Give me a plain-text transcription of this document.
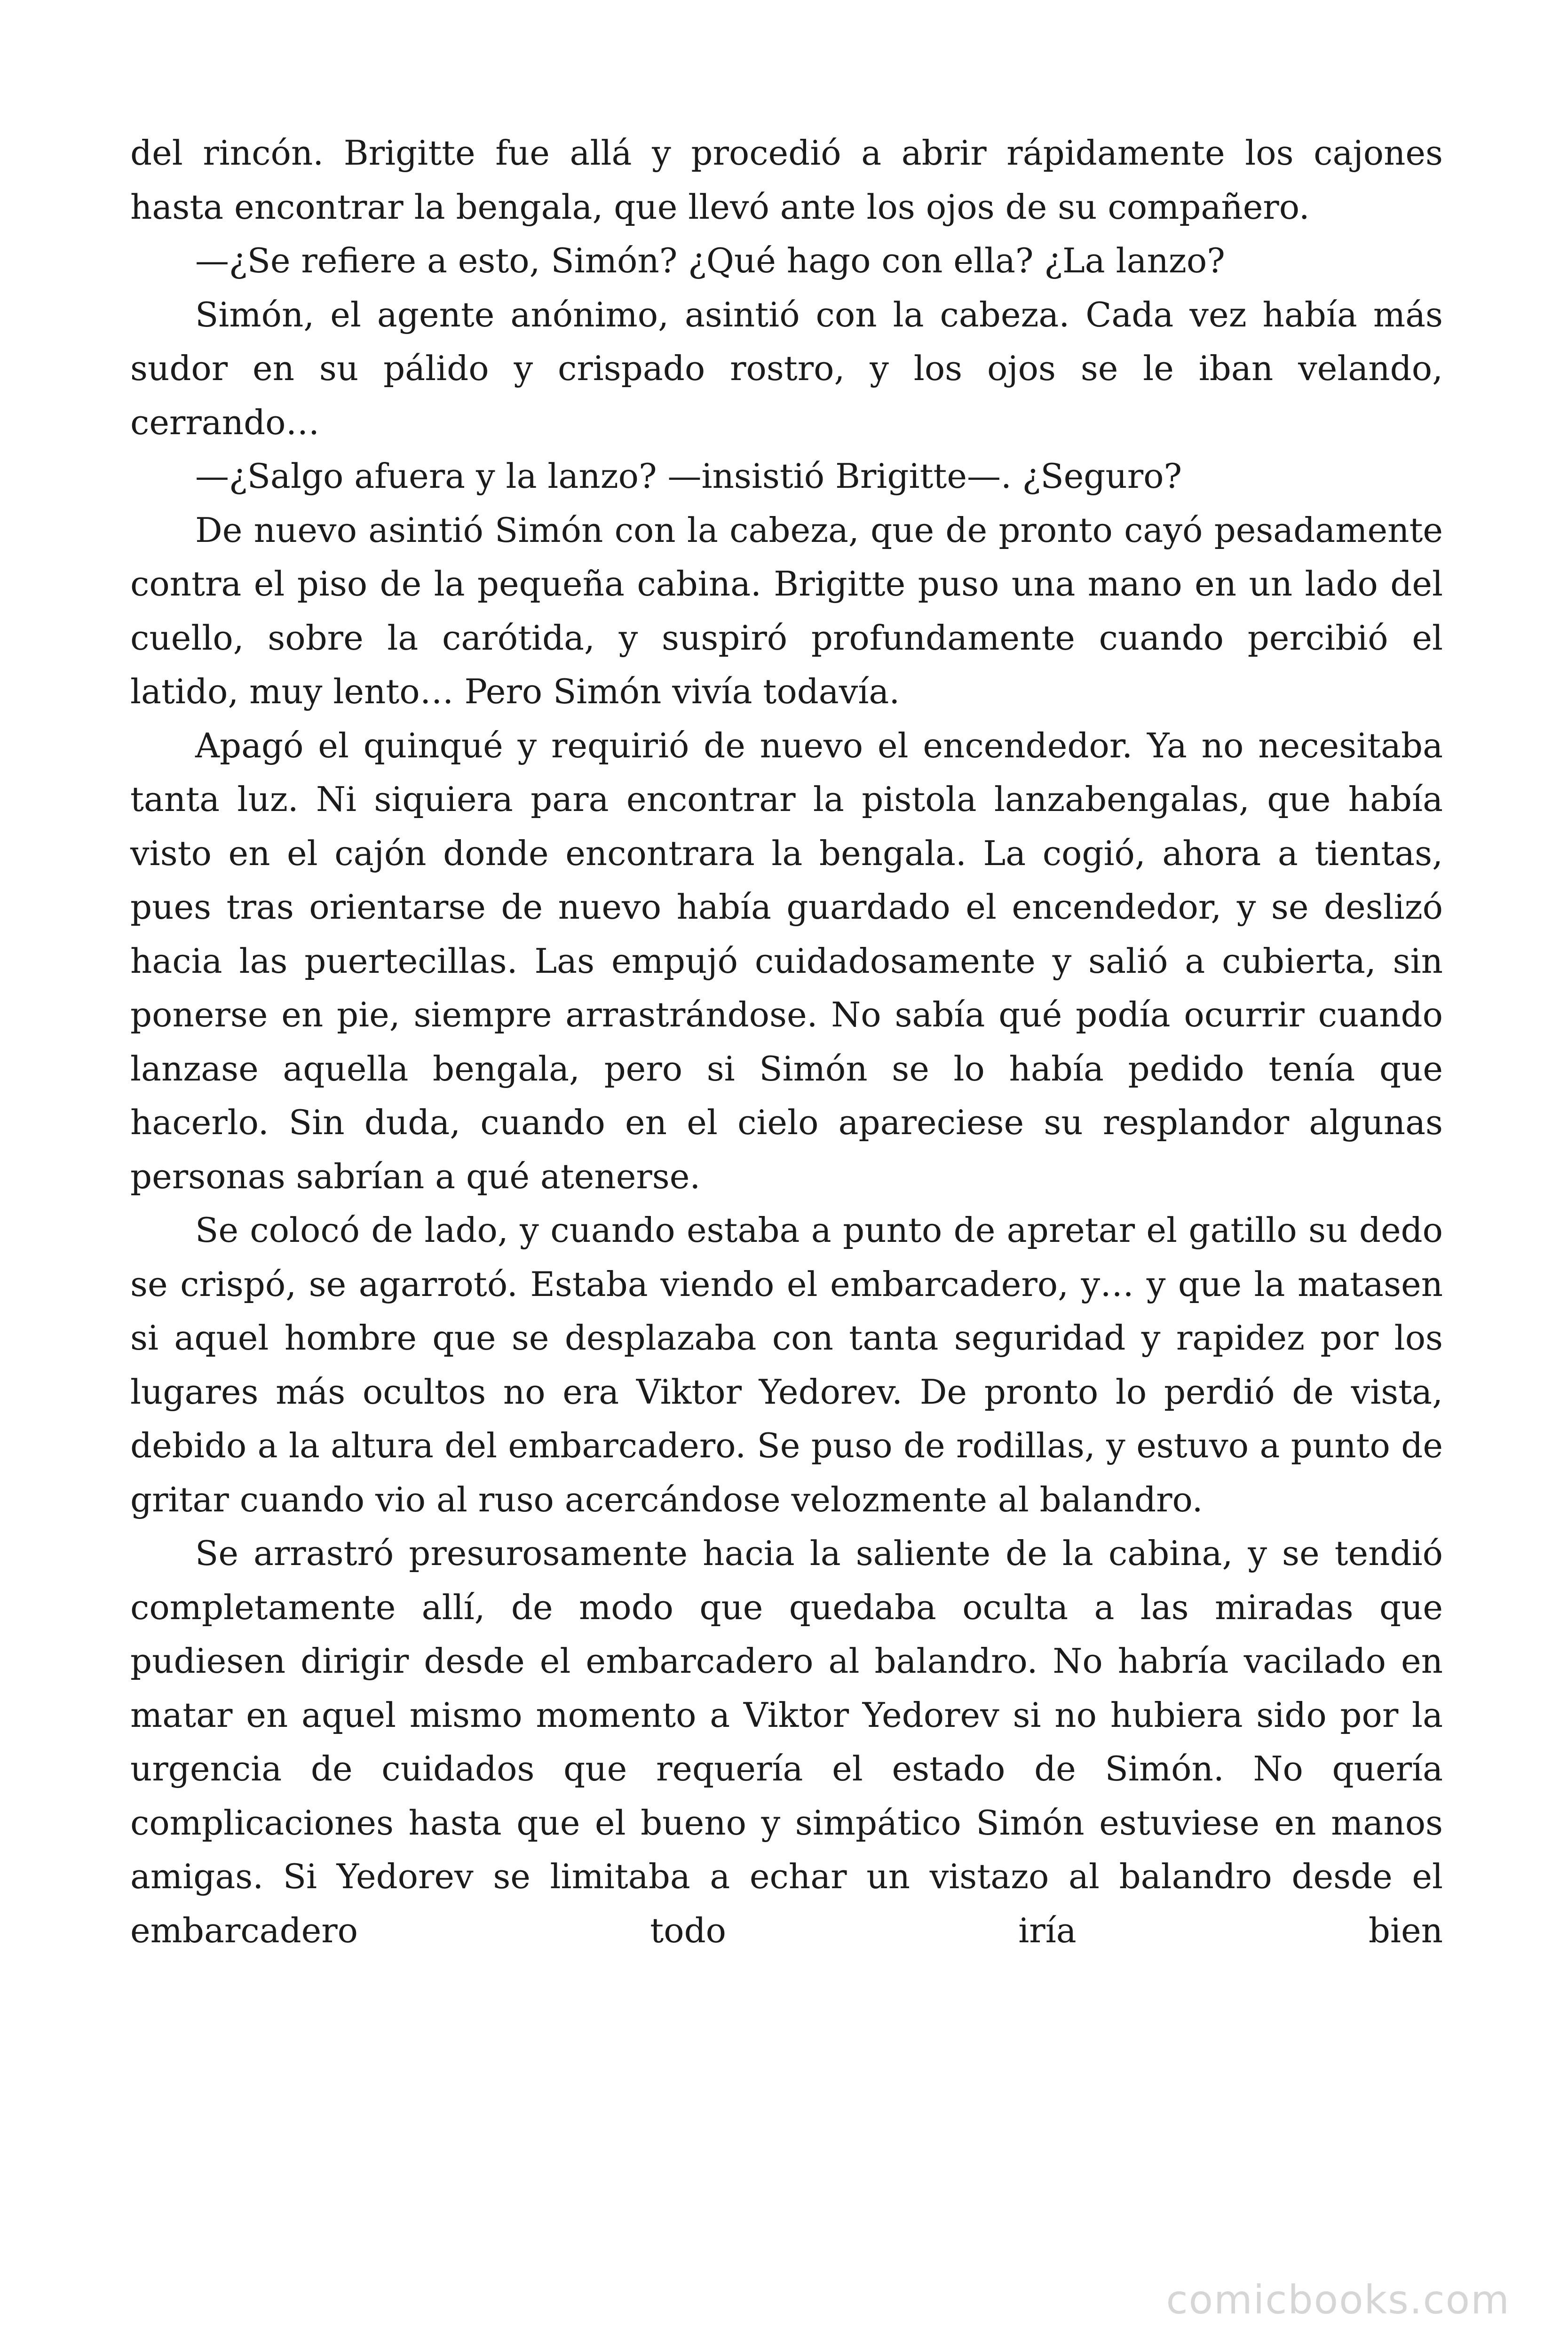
del rincón. Brigitte fue allá y procedió a abrir rápidamente los cajones hasta encontrar la bengala, que llevó ante los ojos de su compañero.

—¿Se refiere a esto, Simón? ¿Qué hago con ella? ¿La lanzo?

Simón, el agente anónimo, asintió con la cabeza. Cada vez había más sudor en su pálido y crispado rostro, y los ojos se le iban velando, cerrando…

—¿Salgo afuera y la lanzo? —insistió Brigitte—. ¿Seguro?

De nuevo asintió Simón con la cabeza, que de pronto cayó pesadamente contra el piso de la pequeña cabina. Brigitte puso una mano en un lado del cuello, sobre la carótida, y suspiró profundamente cuando percibió el latido, muy lento… Pero Simón vivía todavía.

Apagó el quinqué y requirió de nuevo el encendedor. Ya no necesitaba tanta luz. Ni siquiera para encontrar la pistola lanzabengalas, que había visto en el cajón donde encontrara la bengala. La cogió, ahora a tientas, pues tras orientarse de nuevo había guardado el encendedor, y se deslizó hacia las puertecillas. Las empujó cuidadosamente y salió a cubierta, sin ponerse en pie, siempre arrastrándose. No sabía qué podía ocurrir cuando lanzase aquella bengala, pero si Simón se lo había pedido tenía que hacerlo. Sin duda, cuando en el cielo apareciese su resplandor algunas personas sabrían a qué atenerse.

Se colocó de lado, y cuando estaba a punto de apretar el gatillo su dedo se crispó, se agarrotó. Estaba viendo el embarcadero, y… y que la matasen si aquel hombre que se desplazaba con tanta seguridad y rapidez por los lugares más ocultos no era Viktor Yedorev. De pronto lo perdió de vista, debido a la altura del embarcadero. Se puso de rodillas, y estuvo a punto de gritar cuando vio al ruso acercándose velozmente al balandro.

Se arrastró presurosamente hacia la saliente de la cabina, y se tendió completamente allí, de modo que quedaba oculta a las miradas que pudiesen dirigir desde el embarcadero al balandro. No habría vacilado en matar en aquel mismo momento a Viktor Yedorev si no hubiera sido por la urgencia de cuidados que requería el estado de Simón. No quería complicaciones hasta que el bueno y simpático Simón estuviese en manos amigas. Si Yedorev se limitaba a echar un vistazo al balandro desde el embarcadero todo iría bien

comicbooks.com
